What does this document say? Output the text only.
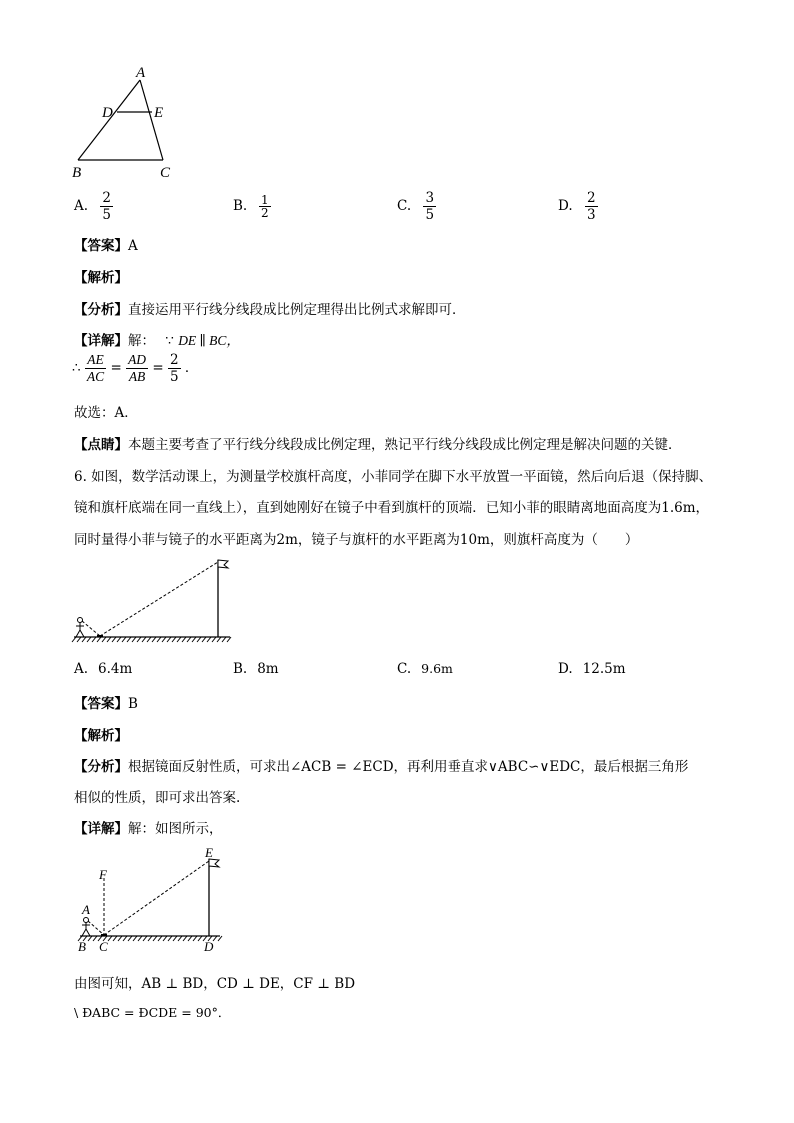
A
D	E
B	C
A. $\frac{2}{5}$	B. $\frac{1}{2}$	C. $\frac{3}{5}$	D. $\frac{2}{3}$
【答案】A
【解析】
【分析】直接运用平行线分线段成比例定理得出比例式求解即可．
【详解】解： ∵ DE ∥ BC，
∴ $\frac{AE}{AC} = \frac{AD}{AB} = \frac{2}{5}$ ．
故选：A．
【点睛】本题主要考查了平行线分线段成比例定理，熟记平行线分线段成比例定理是解决问题的关键．
6. 如图，数学活动课上，为测量学校旗杆高度，小菲同学在脚下水平放置一平面镜，然后向后退（保持脚、
镜和旗杆底端在同一直线上），直到她刚好在镜子中看到旗杆的顶端．已知小菲的眼睛离地面高度为1.6m，
同时量得小菲与镜子的水平距离为2m，镜子与旗杆的水平距离为10m，则旗杆高度为（　　）
A. 6.4m	B. 8m	C. 9.6m	D. 12.5m
【答案】B
【解析】
【分析】根据镜面反射性质，可求出∠ACB = ∠ECD，再利用垂直求∨ABC∽∨EDC，最后根据三角形
相似的性质，即可求出答案.
【详解】解：如图所示，
E
F
A
B C	D
由图可知，AB ⊥ BD，CD ⊥ DE，CF ⊥ BD
\ ÐABC = ÐCDE = 90°．
